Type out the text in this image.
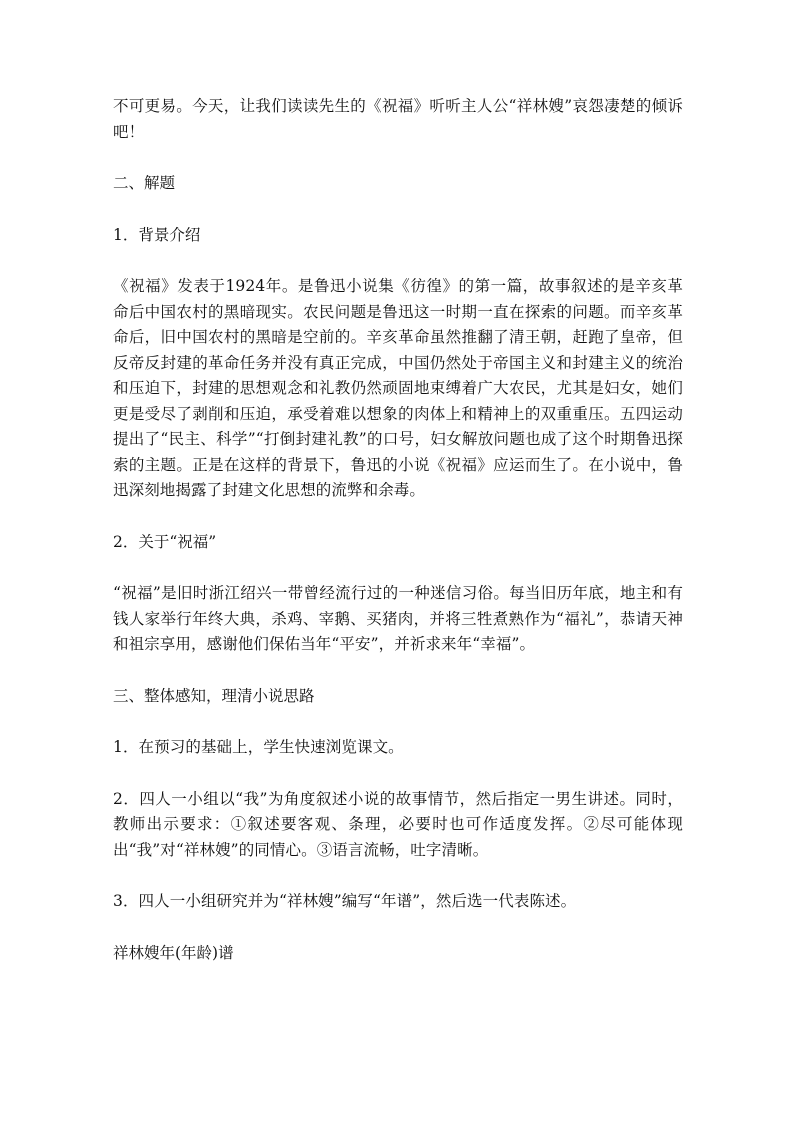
不可更易。今天，让我们读读先生的《祝福》听听主人公“祥林嫂”哀怨凄楚的倾诉吧！

二、解题

1．背景介绍

《祝福》发表于1924年。是鲁迅小说集《彷徨》的第一篇，故事叙述的是辛亥革命后中国农村的黑暗现实。农民问题是鲁迅这一时期一直在探索的问题。而辛亥革命后，旧中国农村的黑暗是空前的。辛亥革命虽然推翻了清王朝，赶跑了皇帝，但反帝反封建的革命任务并没有真正完成，中国仍然处于帝国主义和封建主义的统治和压迫下，封建的思想观念和礼教仍然顽固地束缚着广大农民，尤其是妇女，她们更是受尽了剥削和压迫，承受着难以想象的肉体上和精神上的双重重压。五四运动提出了“民主、科学”“打倒封建礼教”的口号，妇女解放问题也成了这个时期鲁迅探索的主题。正是在这样的背景下，鲁迅的小说《祝福》应运而生了。在小说中，鲁迅深刻地揭露了封建文化思想的流弊和余毒。

2．关于“祝福”

“祝福”是旧时浙江绍兴一带曾经流行过的一种迷信习俗。每当旧历年底，地主和有钱人家举行年终大典，杀鸡、宰鹅、买猪肉，并将三牲煮熟作为“福礼”，恭请天神和祖宗享用，感谢他们保佑当年“平安”，并祈求来年“幸福”。

三、整体感知，理清小说思路

1．在预习的基础上，学生快速浏览课文。

2．四人一小组以“我”为角度叙述小说的故事情节，然后指定一男生讲述。同时，教师出示要求：①叙述要客观、条理，必要时也可作适度发挥。②尽可能体现出“我”对“祥林嫂”的同情心。③语言流畅，吐字清晰。

3．四人一小组研究并为“祥林嫂”编写“年谱”，然后选一代表陈述。

祥林嫂年(年龄)谱
